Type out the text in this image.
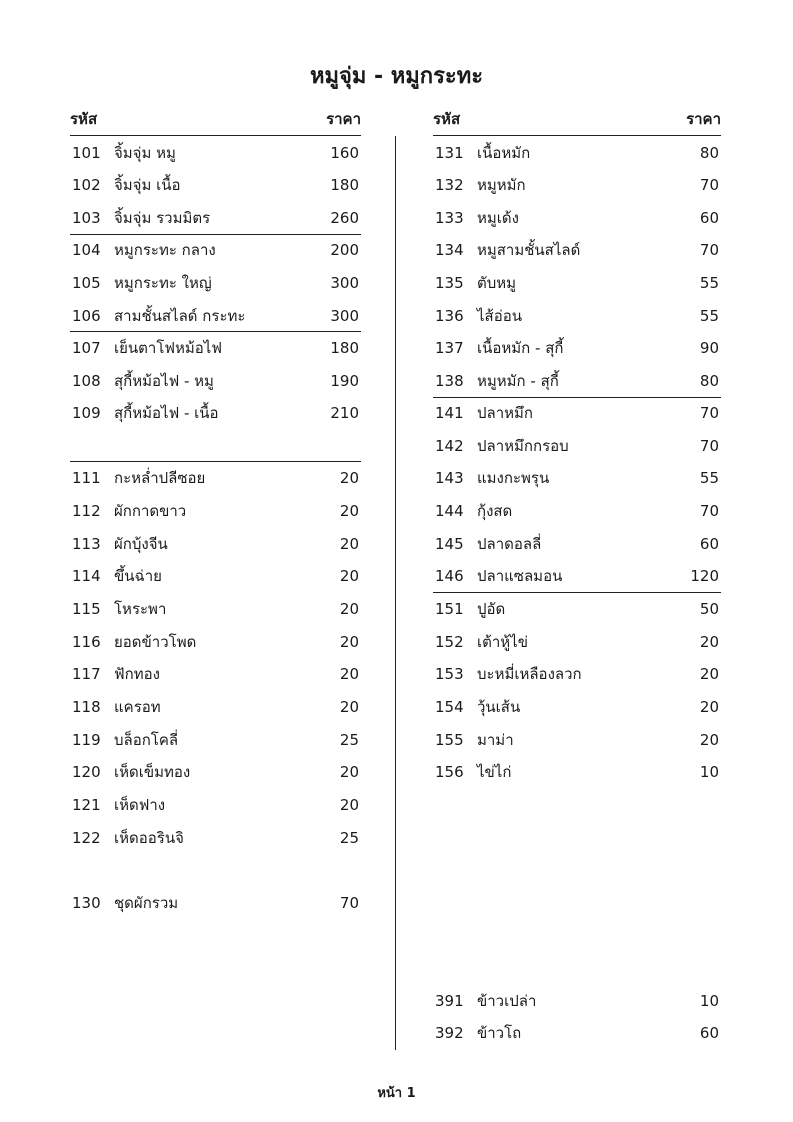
หมูจุ่ม - หมูกระทะ
รหัส	ราคา
101 จิ้มจุ่ม หมู	160
102 จิ้มจุ่ม เนื้อ	180
103 จิ้มจุ่ม รวมมิตร	260
104 หมูกระทะ กลาง	200
105 หมูกระทะ ใหญ่	300
106 สามชั้นสไลด์ กระทะ	300
107 เย็นตาโฟหม้อไฟ	180
108 สุกี้หม้อไฟ - หมู	190
109 สุกี้หม้อไฟ - เนื้อ	210
111 กะหล่ำปลีซอย	20
112 ผักกาดขาว	20
113 ผักบุ้งจีน	20
114 ขึ้นฉ่าย	20
115 โหระพา	20
116 ยอดข้าวโพด	20
117 ฟักทอง	20
118 แครอท	20
119 บล็อกโคลี่	25
120 เห็ดเข็มทอง	20
121 เห็ดฟาง	20
122 เห็ดออรินจิ	25
130 ชุดผักรวม	70
รหัส	ราคา
131 เนื้อหมัก	80
132 หมูหมัก	70
133 หมูเด้ง	60
134 หมูสามชั้นสไลด์	70
135 ตับหมู	55
136 ไส้อ่อน	55
137 เนื้อหมัก - สุกี้	90
138 หมูหมัก - สุกี้	80
141 ปลาหมึก	70
142 ปลาหมึกกรอบ	70
143 แมงกะพรุน	55
144 กุ้งสด	70
145 ปลาดอลลี่	60
146 ปลาแซลมอน	120
151 ปูอัด	50
152 เต้าหู้ไข่	20
153 บะหมี่เหลืองลวก	20
154 วุ้นเส้น	20
155 มาม่า	20
156 ไข่ไก่	10
391 ข้าวเปล่า	10
392 ข้าวโถ	60
หน้า 1
